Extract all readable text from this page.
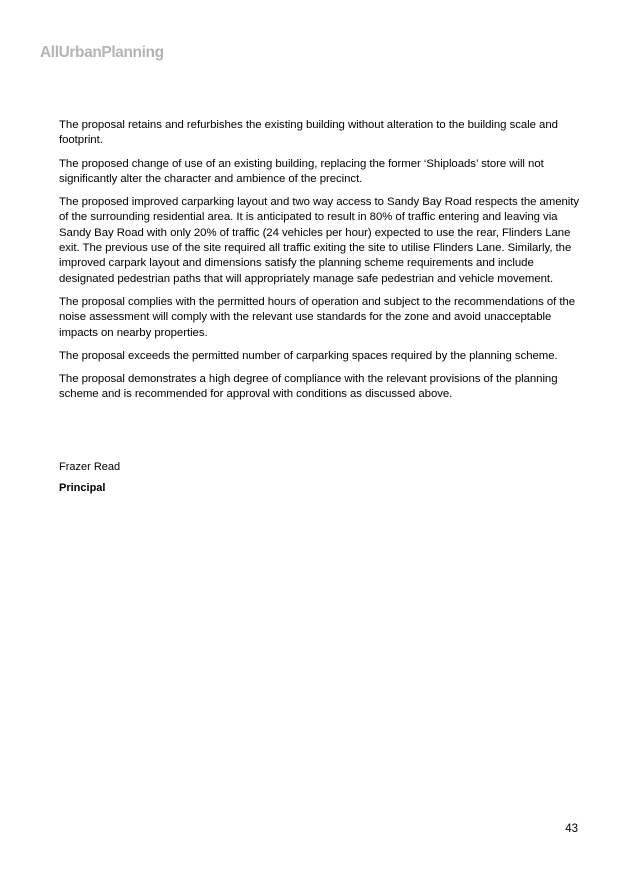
AllUrbanPlanning

The proposal retains and refurbishes the existing building without alteration to the building scale and footprint.

The proposed change of use of an existing building, replacing the former ‘Shiploads’ store will not significantly alter the character and ambience of the precinct.

The proposed improved carparking layout and two way access to Sandy Bay Road respects the amenity of the surrounding residential area. It is anticipated to result in 80% of traffic entering and leaving via Sandy Bay Road with only 20% of traffic (24 vehicles per hour) expected to use the rear, Flinders Lane exit. The previous use of the site required all traffic exiting the site to utilise Flinders Lane. Similarly, the improved carpark layout and dimensions satisfy the planning scheme requirements and include designated pedestrian paths that will appropriately manage safe pedestrian and vehicle movement.

The proposal complies with the permitted hours of operation and subject to the recommendations of the noise assessment will comply with the relevant use standards for the zone and avoid unacceptable impacts on nearby properties.

The proposal exceeds the permitted number of carparking spaces required by the planning scheme.

The proposal demonstrates a high degree of compliance with the relevant provisions of the planning scheme and is recommended for approval with conditions as discussed above.

Frazer Read

Principal

43
